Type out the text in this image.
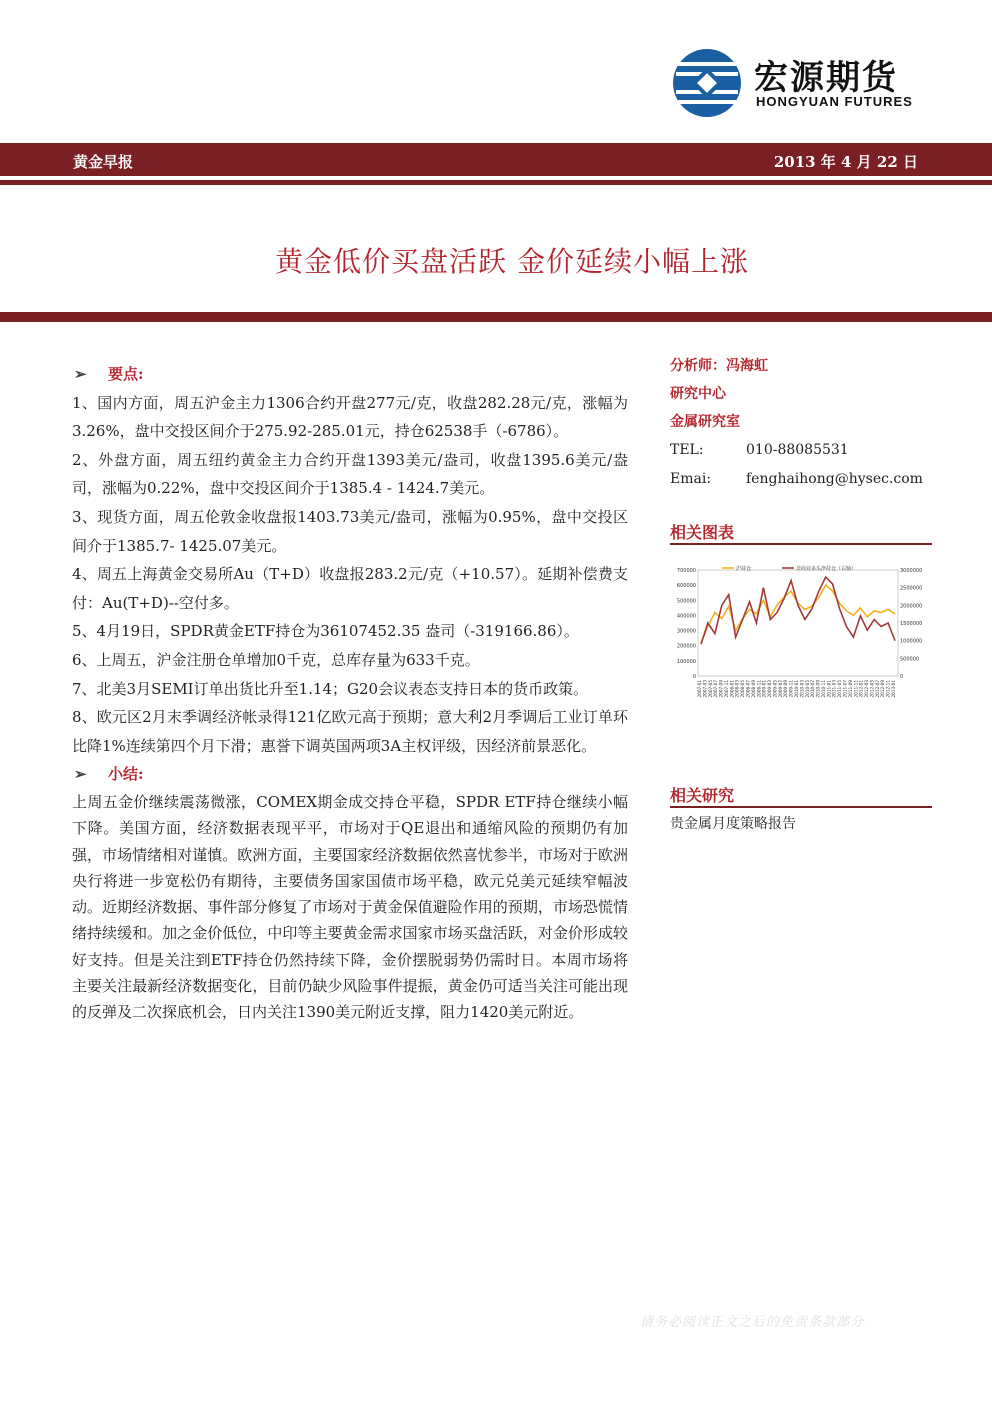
宏源期货
HONGYUAN FUTURES
黄金早报	2013 年 4 月 22 日
黄金低价买盘活跃 金价延续小幅上涨

➢ 要点:

1、国内方面，周五沪金主力1306合约开盘277元/克，收盘282.28元/克，涨幅为3.26%，盘中交投区间介于275.92-285.01元，持仓62538手（-6786）。

2、外盘方面，周五纽约黄金主力合约开盘1393美元/盎司，收盘1395.6美元/盎司，涨幅为0.22%，盘中交投区间介于1385.4 - 1424.7美元。

3、现货方面，周五伦敦金收盘报1403.73美元/盎司，涨幅为0.95%，盘中交投区间介于1385.7- 1425.07美元。

4、周五上海黄金交易所Au（T+D）收盘报283.2元/克（+10.57）。延期补偿费支付：Au(T+D)--空付多。

5、4月19日，SPDR黄金ETF持仓为36107452.35 盎司（-319166.86）。

6、上周五，沪金注册仓单增加0千克，总库存量为633千克。

7、北美3月SEMI订单出货比升至1.14；G20会议表态支持日本的货币政策。

8、欧元区2月末季调经济帐录得121亿欧元高于预期；意大利2月季调后工业订单环比降1%连续第四个月下滑；惠誉下调英国两项3A主权评级，因经济前景恶化。

➢ 小结:

上周五金价继续震荡微涨，COMEX期金成交持仓平稳，SPDR ETF持仓继续小幅下降。美国方面，经济数据表现平平，市场对于QE退出和通缩风险的预期仍有加强，市场情绪相对谨慎。欧洲方面，主要国家经济数据依然喜忧参半，市场对于欧洲央行将进一步宽松仍有期待，主要债务国家国债市场平稳，欧元兑美元延续窄幅波动。近期经济数据、事件部分修复了市场对于黄金保值避险作用的预期，市场恐慌情绪持续缓和。加之金价低位，中印等主要黄金需求国家市场买盘活跃，对金价形成较好支持。但是关注到ETF持仓仍然持续下降，金价摆脱弱势仍需时日。本周市场将主要关注最新经济数据变化，目前仍缺少风险事件提振，黄金仍可适当关注可能出现的反弹及二次探底机会，日内关注1390美元附近支撑，阻力1420美元附近。

分析师：冯海虹
研究中心
金属研究室
TEL:	010-88085531
Emai: fenghaihong@hysec.com
相关图表
700000
600000
500000
400000
300000
200000
100000
0
3000000
2500000
2000000
1500000
1000000
500000
0
2007-01 2007-03 2007-05 2007-07 2007-09 2007-11 2008-01 2008-03 2008-05 2008-07 2008-09 2008-11 2009-01 2009-03 2009-05 2009-07 2009-09 2009-11 2010-01 2010-03 2010-05 2010-07 2010-09 2010-11 2011-01 2011-03 2011-05 2011-07 2011-09 2011-11 2012-01 2012-03 2012-05 2012-07 2012-09 2012-11 2013-01
沪持仓	非商业多头净持仓（右轴）
相关研究
贵金属月度策略报告
请务必阅读正文之后的免责条款部分
